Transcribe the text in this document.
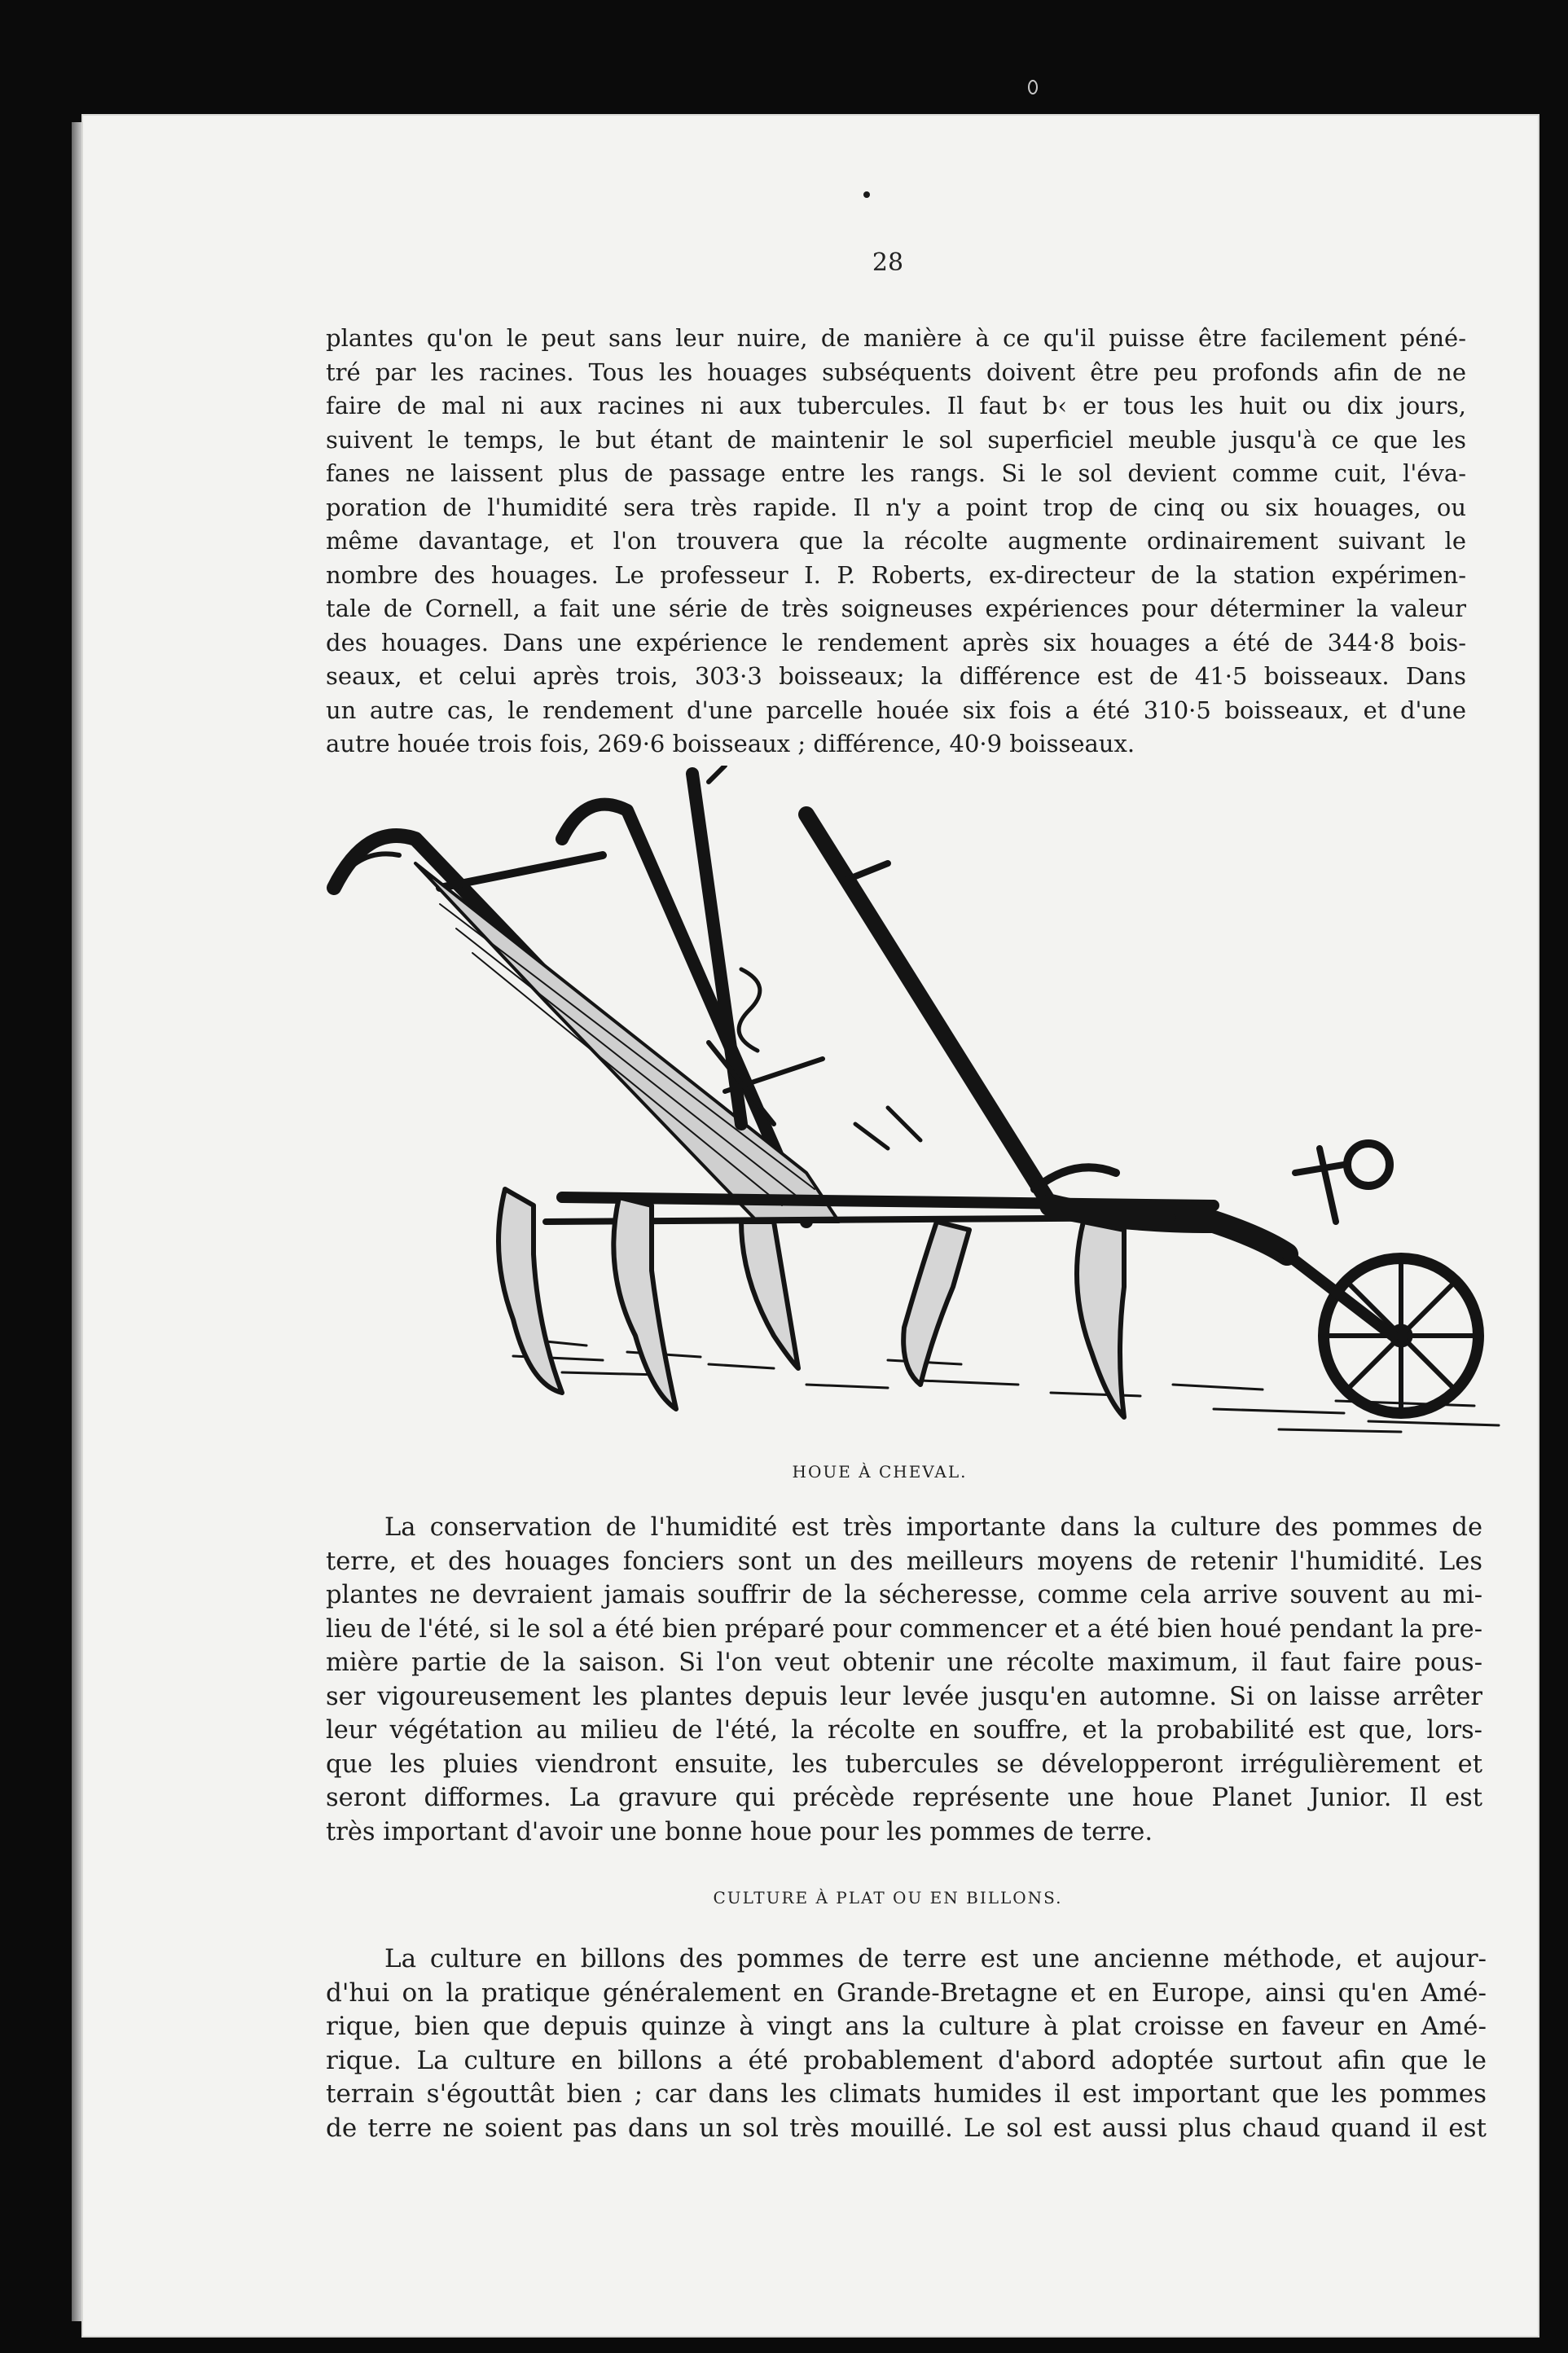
28
plantes qu'on le peut sans leur nuire, de manière à ce qu'il puisse être facilement péné-
tré par les racines. Tous les houages subséquents doivent être peu profonds afin de ne
faire de mal ni aux racines ni aux tubercules. Il faut b‹ er tous les huit ou dix jours,
suivent le temps, le but étant de maintenir le sol superficiel meuble jusqu'à ce que les
fanes ne laissent plus de passage entre les rangs. Si le sol devient comme cuit, l'éva-
poration de l'humidité sera très rapide. Il n'y a point trop de cinq ou six houages, ou
même davantage, et l'on trouvera que la récolte augmente ordinairement suivant le
nombre des houages. Le professeur I. P. Roberts, ex-directeur de la station expérimen-
tale de Cornell, a fait une série de très soigneuses expériences pour déterminer la valeur
des houages. Dans une expérience le rendement après six houages a été de 344·8 bois-
seaux, et celui après trois, 303·3 boisseaux; la différence est de 41·5 boisseaux. Dans
un autre cas, le rendement d'une parcelle houée six fois a été 310·5 boisseaux, et d'une
autre houée trois fois, 269·6 boisseaux ; différence, 40·9 boisseaux.
HOUE À CHEVAL.
La conservation de l'humidité est très importante dans la culture des pommes de
terre, et des houages fonciers sont un des meilleurs moyens de retenir l'humidité. Les
plantes ne devraient jamais souffrir de la sécheresse, comme cela arrive souvent au mi-
lieu de l'été, si le sol a été bien préparé pour commencer et a été bien houé pendant la pre-
mière partie de la saison. Si l'on veut obtenir une récolte maximum, il faut faire pous-
ser vigoureusement les plantes depuis leur levée jusqu'en automne. Si on laisse arrêter
leur végétation au milieu de l'été, la récolte en souffre, et la probabilité est que, lors-
que les pluies viendront ensuite, les tubercules se développeront irrégulièrement et
seront difformes. La gravure qui précède représente une houe Planet Junior. Il est
très important d'avoir une bonne houe pour les pommes de terre.
CULTURE À PLAT OU EN BILLONS.
La culture en billons des pommes de terre est une ancienne méthode, et aujour-
d'hui on la pratique généralement en Grande-Bretagne et en Europe, ainsi qu'en Amé-
rique, bien que depuis quinze à vingt ans la culture à plat croisse en faveur en Amé-
rique. La culture en billons a été probablement d'abord adoptée surtout afin que le
terrain s'égouttât bien ; car dans les climats humides il est important que les pommes
de terre ne soient pas dans un sol très mouillé. Le sol est aussi plus chaud quand il est
